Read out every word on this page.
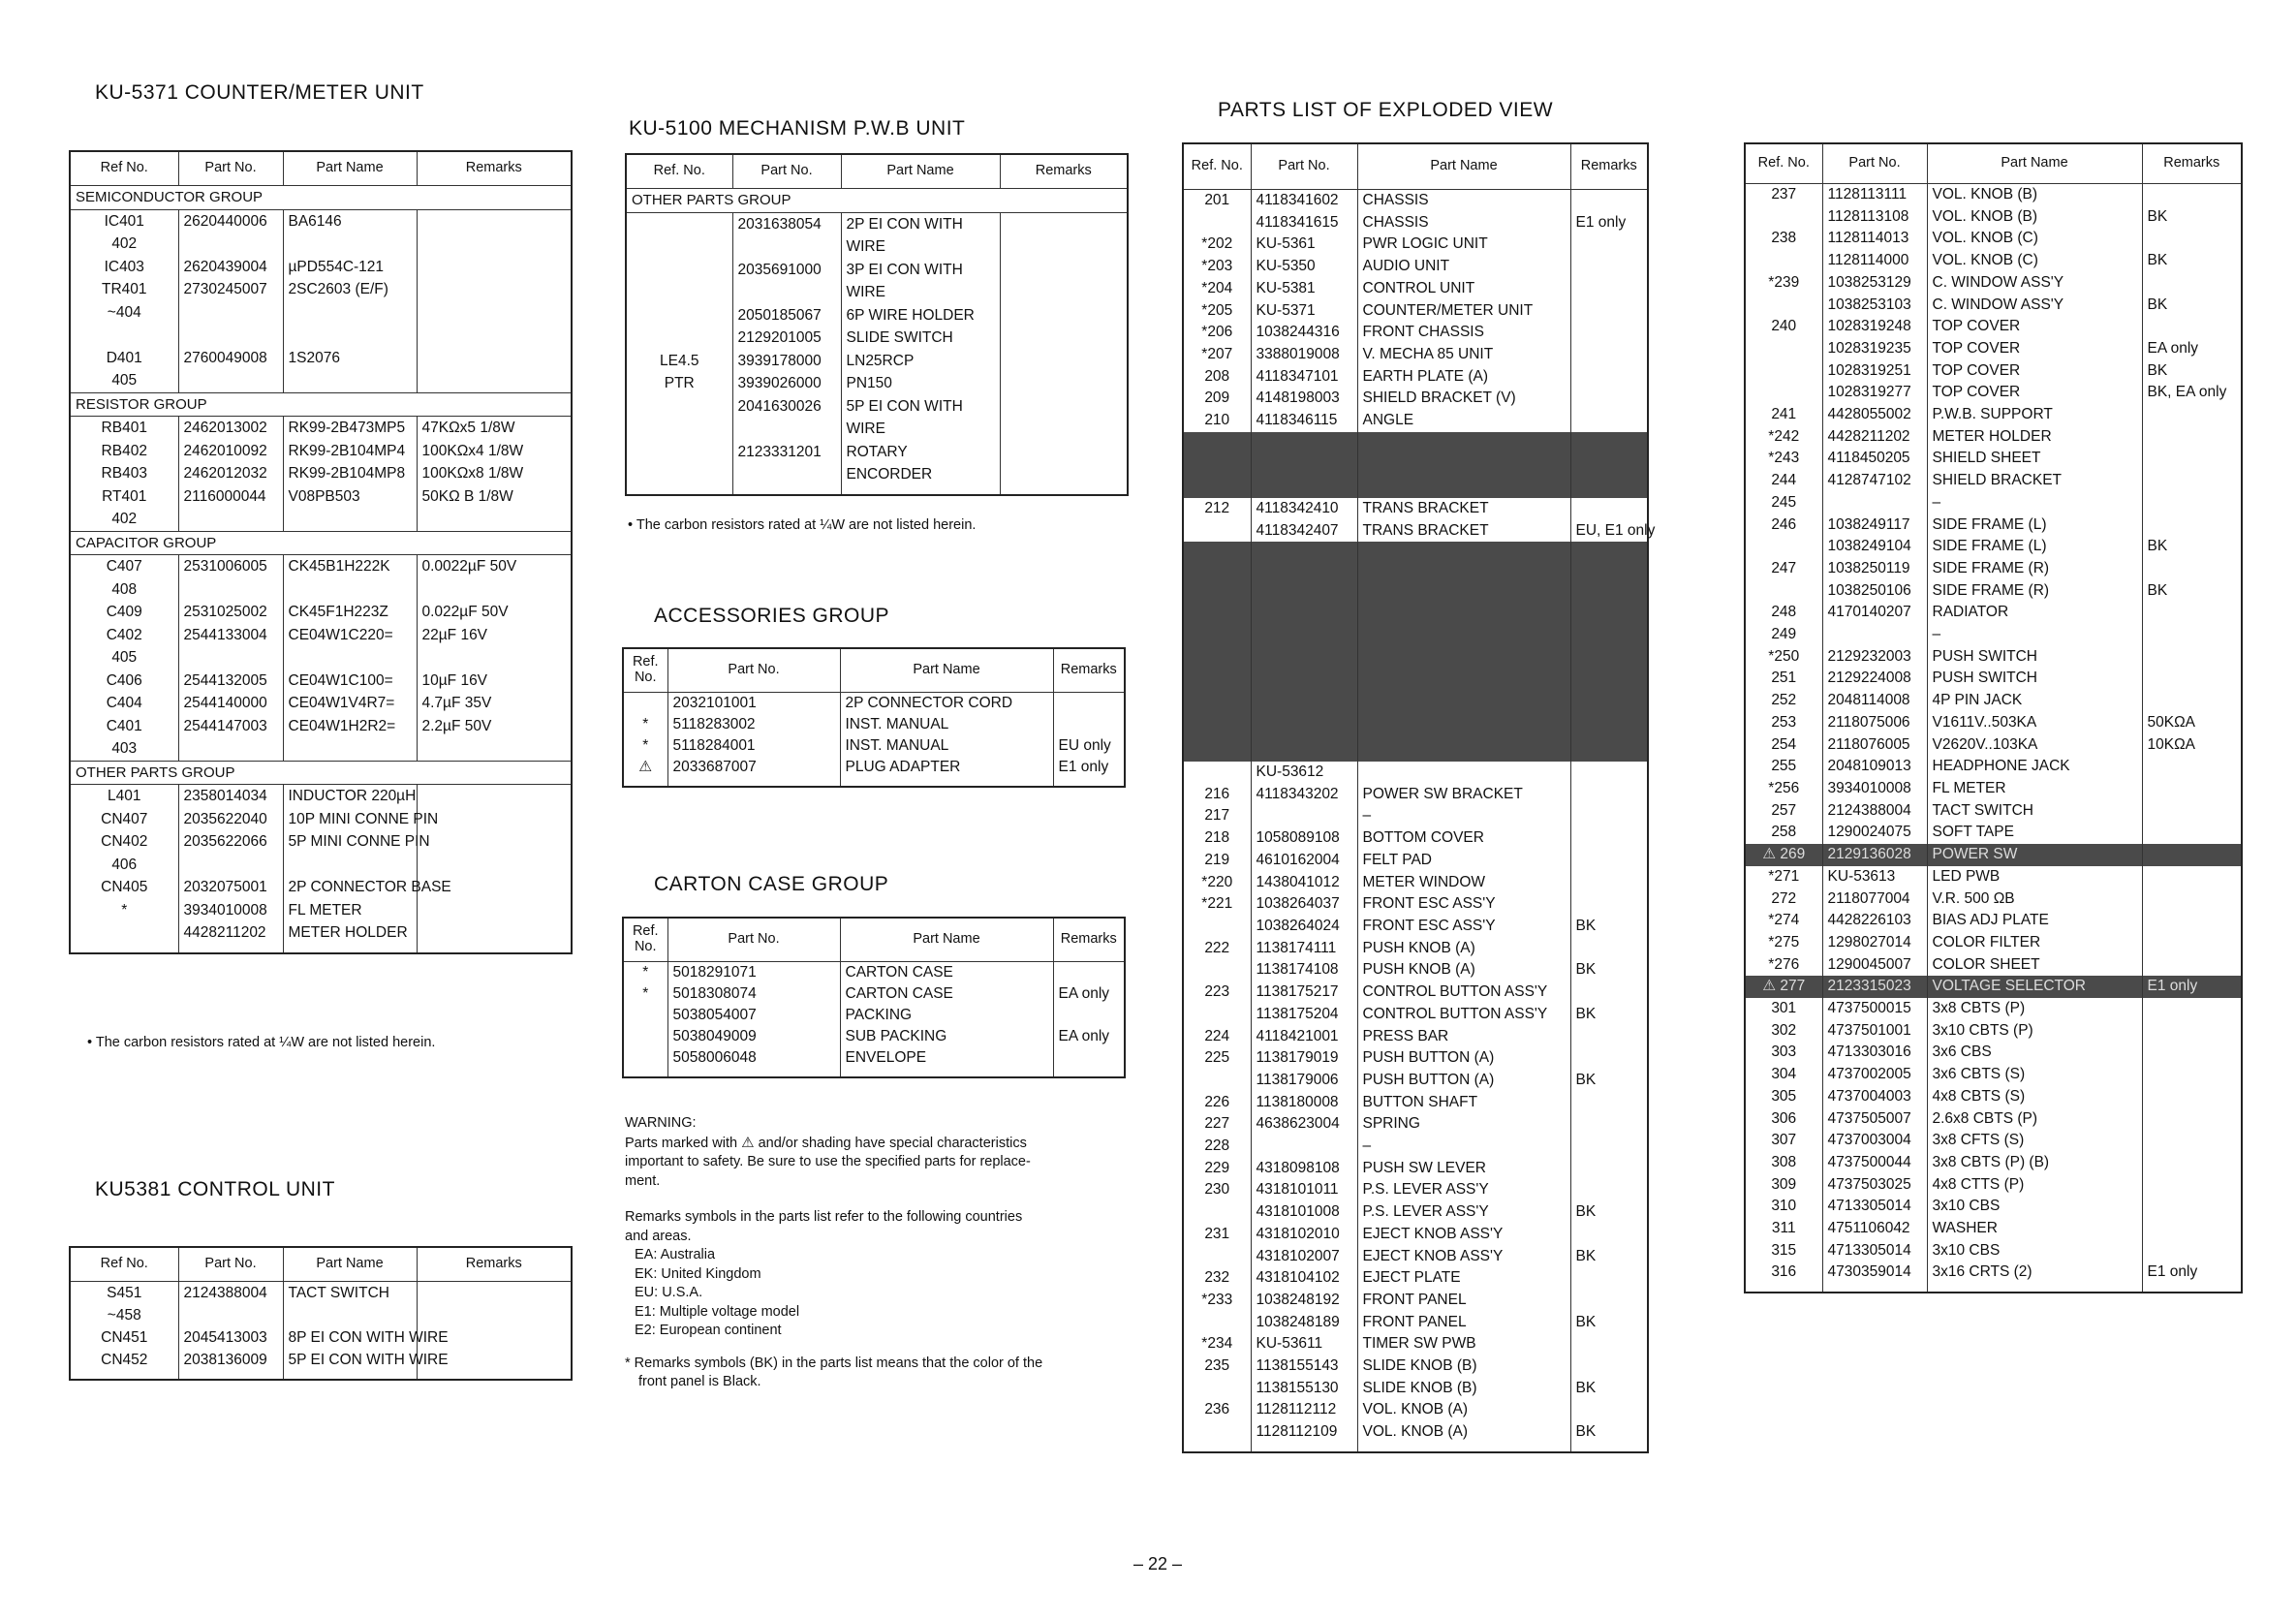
KU-5371 COUNTER/METER UNIT
Ref No.	Part No.	Part Name	Remarks
SEMICONDUCTOR GROUP			
IC401	2620440006	BA6146	
402			
IC403	2620439004	µPD554C-121	
TR401	2730245007	2SC2603 (E/F)	
~404			

D401	2760049008	1S2076	
405			
RESISTOR GROUP			
RB401	2462013002	RK99-2B473MP5	47KΩx5 1/8W
RB402	2462010092	RK99-2B104MP4	100KΩx4 1/8W
RB403	2462012032	RK99-2B104MP8	100KΩx8 1/8W
RT401	2116000044	V08PB503	50KΩ B 1/8W
402			
CAPACITOR GROUP			
C407	2531006005	CK45B1H222K	0.0022µF 50V
408			
C409	2531025002	CK45F1H223Z	0.022µF 50V
C402	2544133004	CE04W1C220=	22µF 16V
405			
C406	2544132005	CE04W1C100=	10µF 16V
C404	2544140000	CE04W1V4R7=	4.7µF 35V
C401	2544147003	CE04W1H2R2=	2.2µF 50V
403			
OTHER PARTS GROUP			
L401	2358014034	INDUCTOR 220µH	
CN407	2035622040	10P MINI CONNE PIN	
CN402	2035622066	5P MINI CONNE PIN	
406			
CN405	2032075001	2P CONNECTOR BASE	
*	3934010008	FL METER	
	4428211202	METER HOLDER	

• The carbon resistors rated at ¼W are not listed herein.
KU5381 CONTROL UNIT
Ref No.	Part No.	Part Name	Remarks
S451	2124388004	TACT SWITCH	
~458			
CN451	2045413003	8P EI CON WITH WIRE	
CN452	2038136009	5P EI CON WITH WIRE	

KU-5100 MECHANISM P.W.B UNIT
Ref. No.	Part No.	Part Name	Remarks
OTHER PARTS GROUP			
	2031638054	2P EI CON WITH	
		WIRE	
	2035691000	3P EI CON WITH	
		WIRE	
	2050185067	6P WIRE HOLDER	
	2129201005	SLIDE SWITCH	
LE4.5	3939178000	LN25RCP	
PTR	3939026000	PN150	
	2041630026	5P EI CON WITH	
		WIRE	
	2123331201	ROTARY	
		ENCORDER	

• The carbon resistors rated at ¼W are not listed herein.
ACCESSORIES GROUP
Ref. No.	Part No.	Part Name	Remarks
	2032101001	2P CONNECTOR CORD	
*	5118283002	INST. MANUAL	
*	5118284001	INST. MANUAL	EU only
⚠	2033687007	PLUG ADAPTER	E1 only

CARTON CASE GROUP
Ref. No.	Part No.	Part Name	Remarks
*	5018291071	CARTON CASE	
*	5018308074	CARTON CASE	EA only
	5038054007	PACKING	
	5038049009	SUB PACKING	EA only
	5058006048	ENVELOPE	

WARNING:

Parts marked with ⚠ and/or shading have special characteristics

important to safety. Be sure to use the specified parts for replace-

ment.

Remarks symbols in the parts list refer to the following countries

and areas.

EA: Australia

EK: United Kingdom

EU: U.S.A.

E1: Multiple voltage model

E2: European continent

* Remarks symbols (BK) in the parts list means that the color of the

front panel is Black.

PARTS LIST OF EXPLODED VIEW
Ref. No.	Part No.	Part Name	Remarks
201	4118341602	CHASSIS	
	4118341615	CHASSIS	E1 only
*202	KU-5361	PWR LOGIC UNIT	
*203	KU-5350	AUDIO UNIT	
*204	KU-5381	CONTROL UNIT	
*205	KU-5371	COUNTER/METER UNIT	
*206	1038244316	FRONT CHASSIS	
*207	3388019008	V. MECHA 85 UNIT	
208	4118347101	EARTH PLATE (A)	
209	4148198003	SHIELD BRACKET (V)	
210	4118346115	ANGLE	

212	4118342410	TRANS BRACKET	
	4118342407	TRANS BRACKET	EU, E1 only

	KU-53612		
216	4118343202	POWER SW BRACKET	
217		–	
218	1058089108	BOTTOM COVER	
219	4610162004	FELT PAD	
*220	1438041012	METER WINDOW	
*221	1038264037	FRONT ESC ASS'Y	
	1038264024	FRONT ESC ASS'Y	BK
222	1138174111	PUSH KNOB (A)	
	1138174108	PUSH KNOB (A)	BK
223	1138175217	CONTROL BUTTON ASS'Y	
	1138175204	CONTROL BUTTON ASS'Y	BK
224	4118421001	PRESS BAR	
225	1138179019	PUSH BUTTON (A)	
	1138179006	PUSH BUTTON (A)	BK
226	1138180008	BUTTON SHAFT	
227	4638623004	SPRING	
228		–	
229	4318098108	PUSH SW LEVER	
230	4318101011	P.S. LEVER ASS'Y	
	4318101008	P.S. LEVER ASS'Y	BK
231	4318102010	EJECT KNOB ASS'Y	
	4318102007	EJECT KNOB ASS'Y	BK
232	4318104102	EJECT PLATE	
*233	1038248192	FRONT PANEL	
	1038248189	FRONT PANEL	BK
*234	KU-53611	TIMER SW PWB	
235	1138155143	SLIDE KNOB (B)	
	1138155130	SLIDE KNOB (B)	BK
236	1128112112	VOL. KNOB (A)	
	1128112109	VOL. KNOB (A)	BK

Ref. No.	Part No.	Part Name	Remarks
237	1128113111	VOL. KNOB (B)	
	1128113108	VOL. KNOB (B)	BK
238	1128114013	VOL. KNOB (C)	
	1128114000	VOL. KNOB (C)	BK
*239	1038253129	C. WINDOW ASS'Y	
	1038253103	C. WINDOW ASS'Y	BK
240	1028319248	TOP COVER	
	1028319235	TOP COVER	EA only
	1028319251	TOP COVER	BK
	1028319277	TOP COVER	BK, EA only
241	4428055002	P.W.B. SUPPORT	
*242	4428211202	METER HOLDER	
*243	4118450205	SHIELD SHEET	
244	4128747102	SHIELD BRACKET	
245		–	
246	1038249117	SIDE FRAME (L)	
	1038249104	SIDE FRAME (L)	BK
247	1038250119	SIDE FRAME (R)	
	1038250106	SIDE FRAME (R)	BK
248	4170140207	RADIATOR	
249		–	
*250	2129232003	PUSH SWITCH	
251	2129224008	PUSH SWITCH	
252	2048114008	4P PIN JACK	
253	2118075006	V1611V..503KA	50KΩA
254	2118076005	V2620V..103KA	10KΩA
255	2048109013	HEADPHONE JACK	
*256	3934010008	FL METER	
257	2124388004	TACT SWITCH	
258	1290024075	SOFT TAPE	
⚠ 269	2129136028	POWER SW	
*271	KU-53613	LED PWB	
272	2118077004	V.R. 500 ΩB	
*274	4428226103	BIAS ADJ PLATE	
*275	1298027014	COLOR FILTER	
*276	1290045007	COLOR SHEET	
⚠ 277	2123315023	VOLTAGE SELECTOR	E1 only
301	4737500015	3x8 CBTS (P)	
302	4737501001	3x10 CBTS (P)	
303	4713303016	3x6 CBS	
304	4737002005	3x6 CBTS (S)	
305	4737004003	4x8 CBTS (S)	
306	4737505007	2.6x8 CBTS (P)	
307	4737003004	3x8 CFTS (S)	
308	4737500044	3x8 CBTS (P) (B)	
309	4737503025	4x8 CTTS (P)	
310	4713305014	3x10 CBS	
311	4751106042	WASHER	
315	4713305014	3x10 CBS	
316	4730359014	3x16 CRTS (2)	E1 only

– 22 –
